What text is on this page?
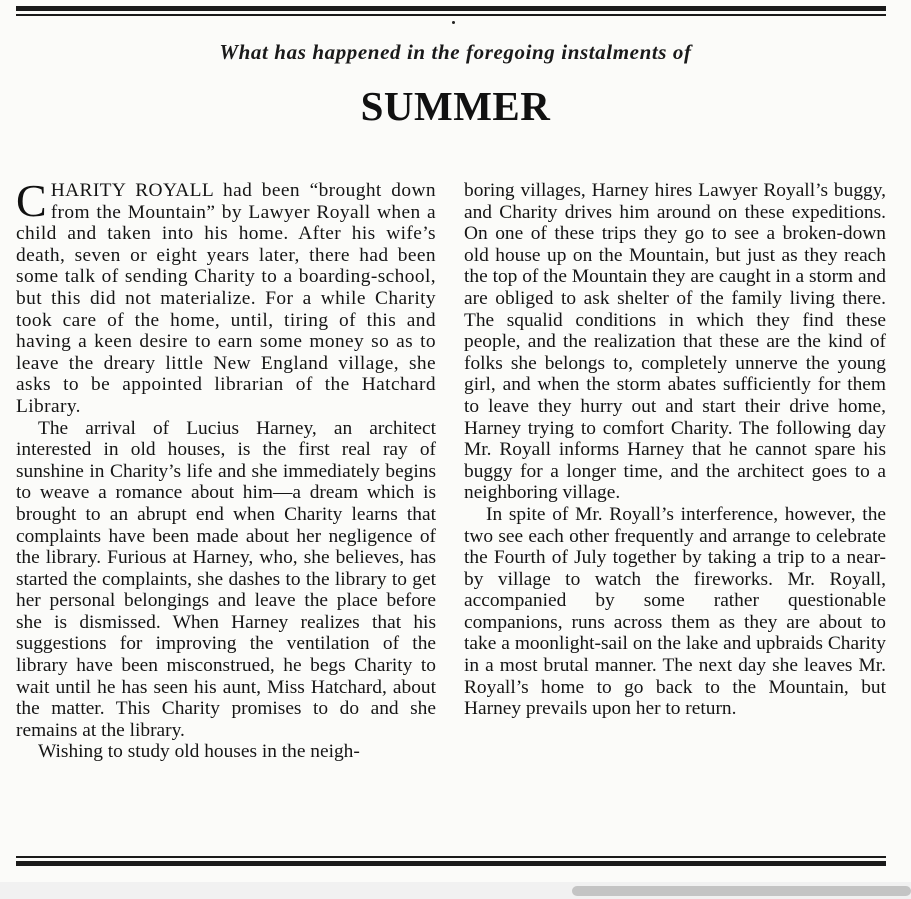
What has happened in the foregoing instalments of
SUMMER

CHARITY ROYALL had been “brought down from the Mountain” by Lawyer Royall when a child and taken into his home. After his wife’s death, seven or eight years later, there had been some talk of sending Charity to a boarding-school, but this did not materialize. For a while Charity took care of the home, until, tiring of this and having a keen desire to earn some money so as to leave the dreary little New England village, she asks to be appointed librarian of the Hatchard Library.

The arrival of Lucius Harney, an architect interested in old houses, is the first real ray of sunshine in Charity’s life and she immediately begins to weave a romance about him—a dream which is brought to an abrupt end when Charity learns that complaints have been made about her negligence of the library. Furious at Harney, who, she believes, has started the complaints, she dashes to the library to get her personal belongings and leave the place before she is dismissed. When Harney realizes that his suggestions for improving the ventilation of the library have been misconstrued, he begs Charity to wait until he has seen his aunt, Miss Hatchard, about the matter. This Charity promises to do and she remains at the library.

Wishing to study old houses in the neigh-

boring villages, Harney hires Lawyer Royall’s buggy, and Charity drives him around on these expeditions. On one of these trips they go to see a broken-down old house up on the Mountain, but just as they reach the top of the Mountain they are caught in a storm and are obliged to ask shelter of the family living there. The squalid conditions in which they find these people, and the realization that these are the kind of folks she belongs to, completely unnerve the young girl, and when the storm abates sufficiently for them to leave they hurry out and start their drive home, Harney trying to comfort Charity. The following day Mr. Royall informs Harney that he cannot spare his buggy for a longer time, and the architect goes to a neighboring village.

In spite of Mr. Royall’s interference, however, the two see each other frequently and arrange to celebrate the Fourth of July together by taking a trip to a near-by village to watch the fireworks. Mr. Royall, accompanied by some rather questionable companions, runs across them as they are about to take a moonlight-sail on the lake and upbraids Charity in a most brutal manner. The next day she leaves Mr. Royall’s home to go back to the Mountain, but Harney prevails upon her to return.
